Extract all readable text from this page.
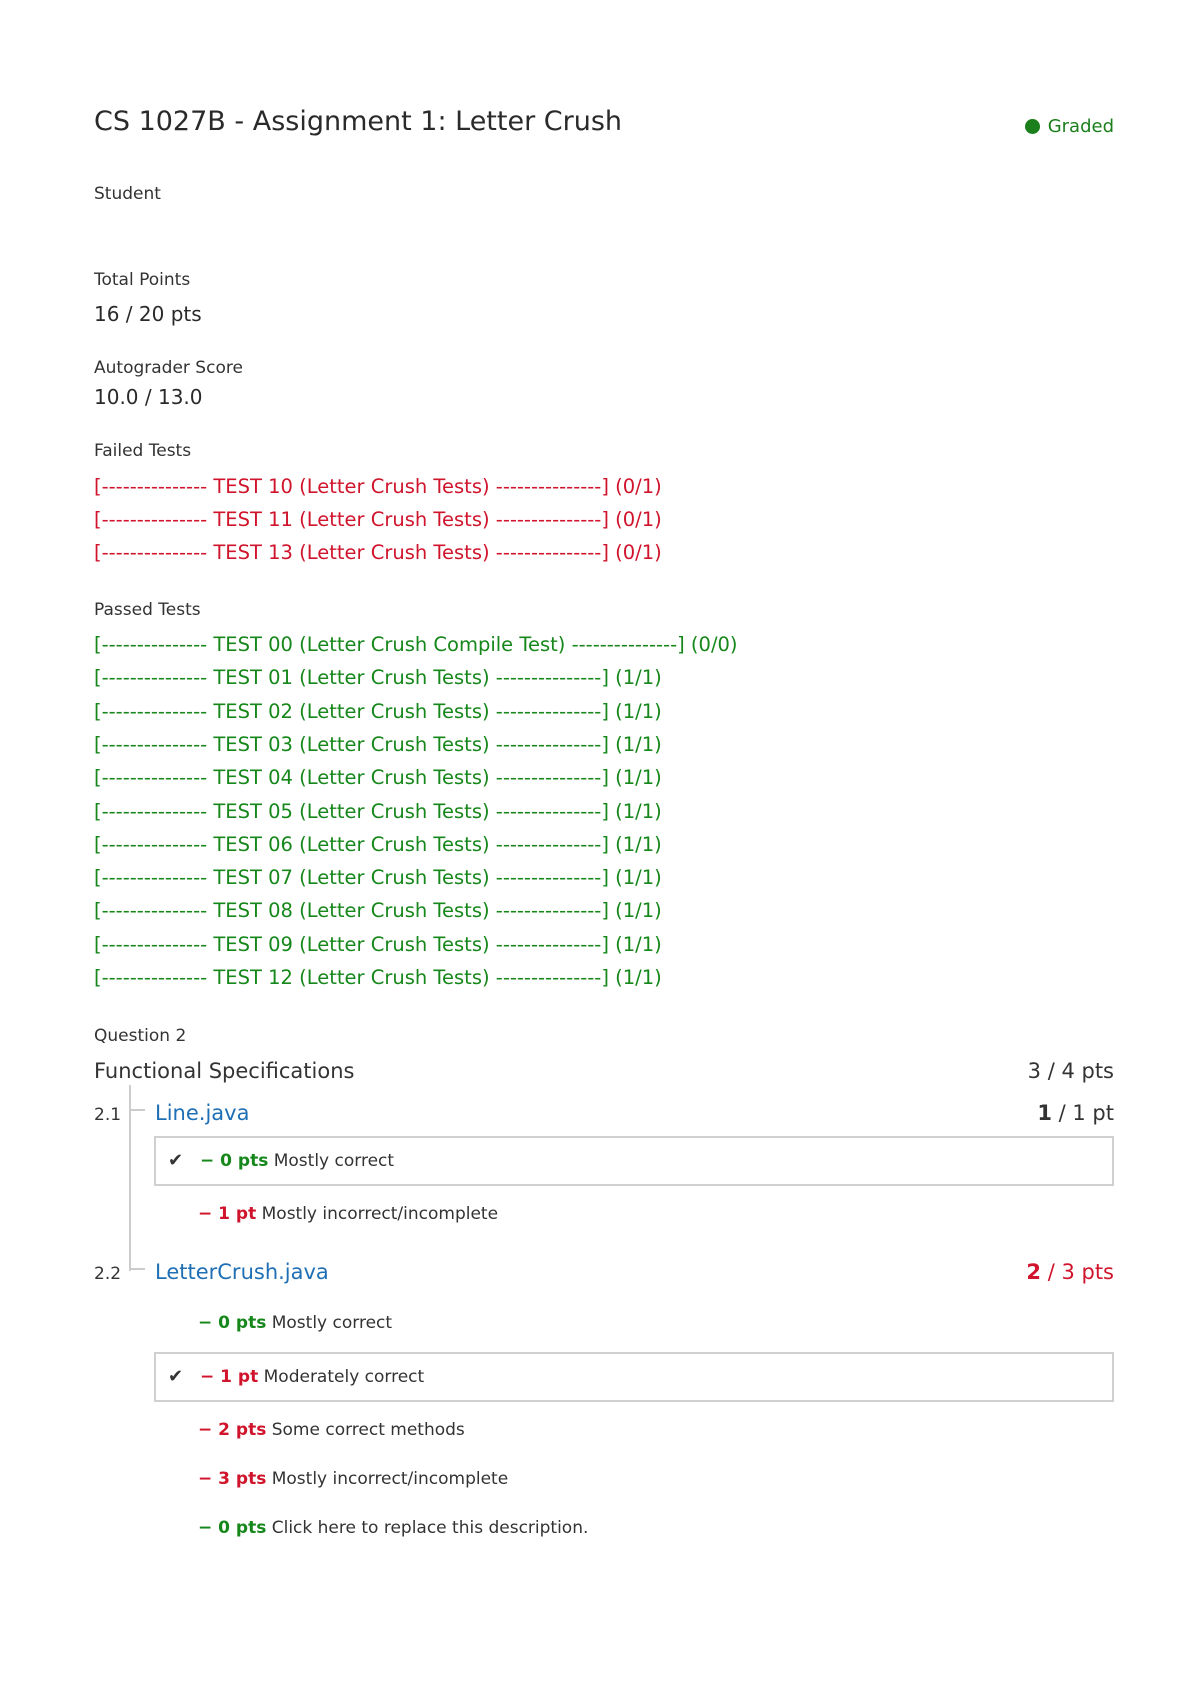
CS 1027B - Assignment 1: Letter Crush	Graded
Student
Total Points
16 / 20 pts
Autograder Score
10.0 / 13.0
Failed Tests
[--------------- TEST 10 (Letter Crush Tests) ---------------] (0/1)
[--------------- TEST 11 (Letter Crush Tests) ---------------] (0/1)
[--------------- TEST 13 (Letter Crush Tests) ---------------] (0/1)
Passed Tests
[--------------- TEST 00 (Letter Crush Compile Test) ---------------] (0/0)
[--------------- TEST 01 (Letter Crush Tests) ---------------] (1/1)
[--------------- TEST 02 (Letter Crush Tests) ---------------] (1/1)
[--------------- TEST 03 (Letter Crush Tests) ---------------] (1/1)
[--------------- TEST 04 (Letter Crush Tests) ---------------] (1/1)
[--------------- TEST 05 (Letter Crush Tests) ---------------] (1/1)
[--------------- TEST 06 (Letter Crush Tests) ---------------] (1/1)
[--------------- TEST 07 (Letter Crush Tests) ---------------] (1/1)
[--------------- TEST 08 (Letter Crush Tests) ---------------] (1/1)
[--------------- TEST 09 (Letter Crush Tests) ---------------] (1/1)
[--------------- TEST 12 (Letter Crush Tests) ---------------] (1/1)
Question 2
Functional Specifications	3 / 4 pts
2.1 Line.java	1 / 1 pt
✔ − 0 pts Mostly correct
− 1 pt Mostly incorrect/incomplete
2.2 LetterCrush.java	2 / 3 pts
− 0 pts Mostly correct
✔ − 1 pt Moderately correct
− 2 pts Some correct methods
− 3 pts Mostly incorrect/incomplete
− 0 pts Click here to replace this description.
